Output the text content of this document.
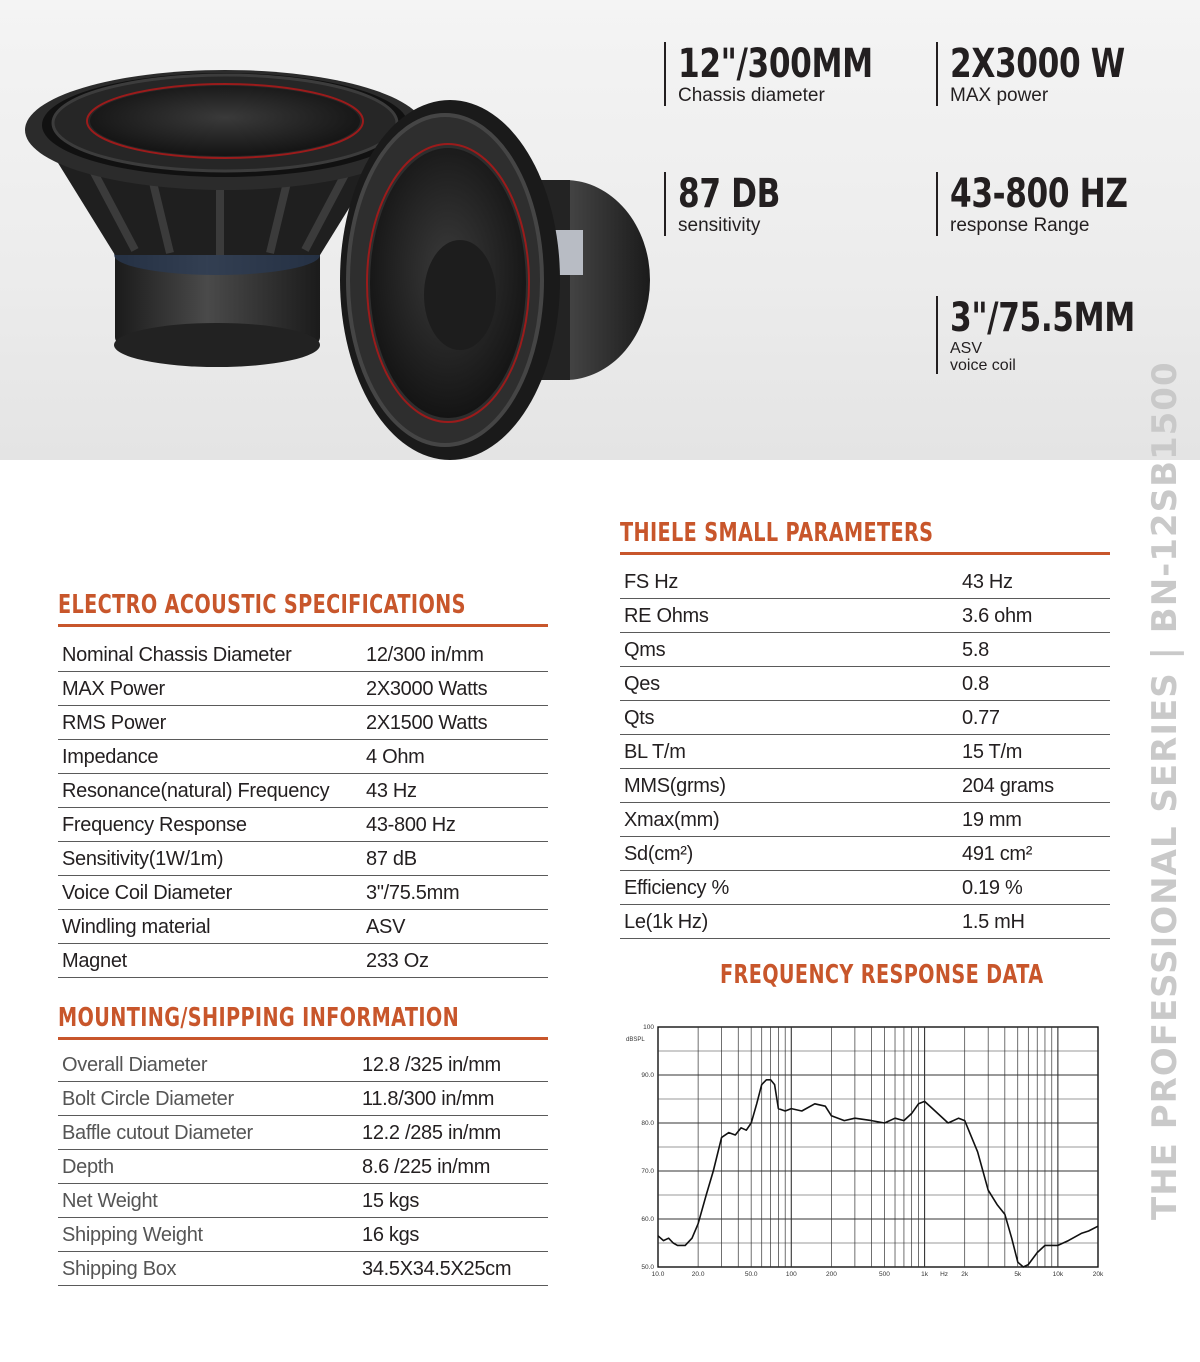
12"/300MM
Chassis diameter
2X3000 W
MAX power
87 DB
sensitivity
43-800 HZ
response Range
3"/75.5MM
ASV
voice coil
ELECTRO ACOUSTIC SPECIFICATIONS
Nominal Chassis Diameter	12/300 in/mm
MAX Power	2X3000 Watts
RMS Power	2X1500 Watts
Impedance	4 Ohm
Resonance(natural) Frequency 43 Hz
Frequency Response	43-800 Hz
Sensitivity(1W/1m)	87 dB
Voice Coil Diameter	3"/75.5mm
Windling material	ASV
Magnet	233 Oz
MOUNTING/SHIPPING INFORMATION
Overall Diameter	12.8 /325 in/mm
Bolt Circle Diameter	11.8/300 in/mm
Baffle cutout Diameter	12.2 /285 in/mm
Depth	8.6 /225 in/mm
Net Weight	15 kgs
Shipping Weight	16 kgs
Shipping Box	34.5X34.5X25cm
THIELE SMALL PARAMETERS
FS Hz	43 Hz
RE Ohms	3.6 ohm
Qms	5.8
Qes	0.8
Qts	0.77
BL T/m	15 T/m
MMS(grms)	204 grams
Xmax(mm)	19 mm
Sd(cm²)	491 cm²
Efficiency %	0.19 %
Le(1k Hz)	1.5 mH
FREQUENCY RESPONSE DATA
dBSPL
100
90.0
80.0
70.0
60.0
50.0
10.0	20.0	50.0	100	200	500	1k Hz 2k	5k	10k	20k
THE PROFESSIONAL SERIES | BN-12SB1500
